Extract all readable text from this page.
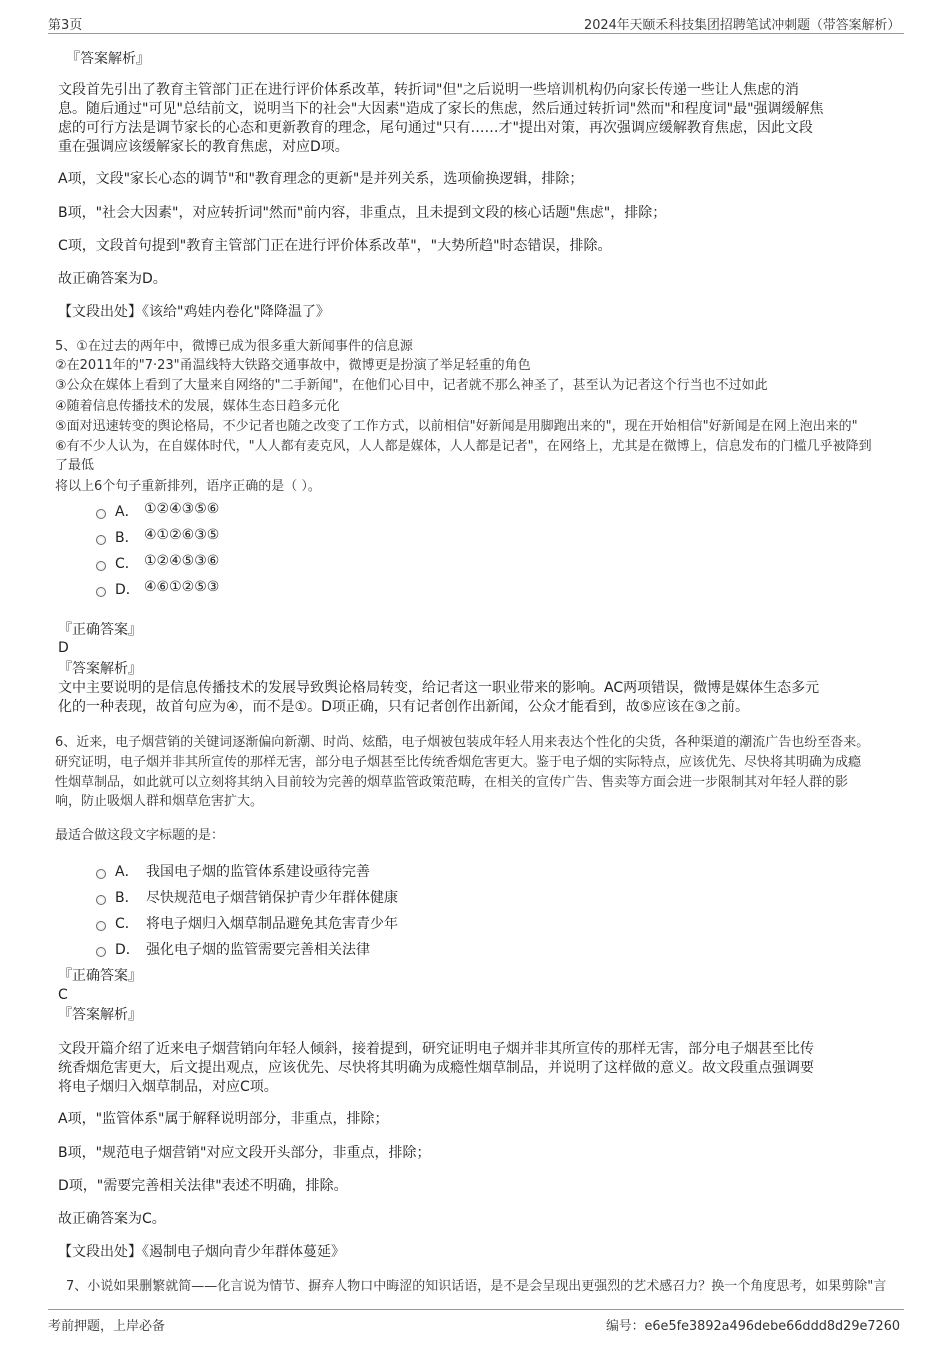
第3页	2024年天颐禾科技集团招聘笔试冲刺题（带答案解析）
『答案解析』
文段首先引出了教育主管部门正在进行评价体系改革，转折词"但"之后说明一些培训机构仍向家长传递一些让人焦虑的消
息。随后通过"可见"总结前文，说明当下的社会"大因素"造成了家长的焦虑，然后通过转折词"然而"和程度词"最"强调缓解焦
虑的可行方法是调节家长的心态和更新教育的理念，尾句通过"只有……才"提出对策，再次强调应缓解教育焦虑，因此文段
重在强调应该缓解家长的教育焦虑，对应D项。
A项，文段"家长心态的调节"和"教育理念的更新"是并列关系，选项偷换逻辑，排除；
B项，"社会大因素"，对应转折词"然而"前内容，非重点，且未提到文段的核心话题"焦虑"，排除；
C项，文段首句提到"教育主管部门正在进行评价体系改革"，"大势所趋"时态错误，排除。
故正确答案为D。
【文段出处】《该给"鸡娃内卷化"降降温了》
5、①在过去的两年中，微博已成为很多重大新闻事件的信息源
②在2011年的"7·23"甬温线特大铁路交通事故中，微博更是扮演了举足轻重的角色
③公众在媒体上看到了大量来自网络的"二手新闻"，在他们心目中，记者就不那么神圣了，甚至认为记者这个行当也不过如此
④随着信息传播技术的发展，媒体生态日趋多元化
⑤面对迅速转变的舆论格局，不少记者也随之改变了工作方式，以前相信"好新闻是用脚跑出来的"，现在开始相信"好新闻是在网上泡出来的"
⑥有不少人认为，在自媒体时代，"人人都有麦克风，人人都是媒体，人人都是记者"，在网络上，尤其是在微博上，信息发布的门槛几乎被降到
了最低
将以上6个句子重新排列，语序正确的是（ ）。
A． ①②④③⑤⑥
B． ④①②⑥③⑤
C． ①②④⑤③⑥
D． ④⑥①②⑤③
『正确答案』
D
『答案解析』
文中主要说明的是信息传播技术的发展导致舆论格局转变，给记者这一职业带来的影响。AC两项错误，微博是媒体生态多元
化的一种表现，故首句应为④，而不是①。D项正确，只有记者创作出新闻，公众才能看到，故⑤应该在③之前。
6、近来，电子烟营销的关键词逐渐偏向新潮、时尚、炫酷，电子烟被包装成年轻人用来表达个性化的尖货，各种渠道的潮流广告也纷至沓来。
研究证明，电子烟并非其所宣传的那样无害，部分电子烟甚至比传统香烟危害更大。鉴于电子烟的实际特点，应该优先、尽快将其明确为成瘾
性烟草制品，如此就可以立刻将其纳入目前较为完善的烟草监管政策范畴，在相关的宣传广告、售卖等方面会进一步限制其对年轻人群的影
响，防止吸烟人群和烟草危害扩大。
最适合做这段文字标题的是：
A． 我国电子烟的监管体系建设亟待完善
B． 尽快规范电子烟营销保护青少年群体健康
C． 将电子烟归入烟草制品避免其危害青少年
D． 强化电子烟的监管需要完善相关法律
『正确答案』
C
『答案解析』
文段开篇介绍了近来电子烟营销向年轻人倾斜，接着提到，研究证明电子烟并非其所宣传的那样无害，部分电子烟甚至比传
统香烟危害更大，后文提出观点，应该优先、尽快将其明确为成瘾性烟草制品，并说明了这样做的意义。故文段重点强调要
将电子烟归入烟草制品，对应C项。
A项，"监管体系"属于解释说明部分，非重点，排除；
B项，"规范电子烟营销"对应文段开头部分，非重点，排除；
D项，"需要完善相关法律"表述不明确，排除。
故正确答案为C。
【文段出处】《遏制电子烟向青少年群体蔓延》
7、小说如果删繁就简——化言说为情节、摒弃人物口中晦涩的知识话语，是不是会呈现出更强烈的艺术感召力？换一个角度思考，如果剪除"言
考前押题，上岸必备	编号：e6e5fe3892a496debe66ddd8d29e7260
